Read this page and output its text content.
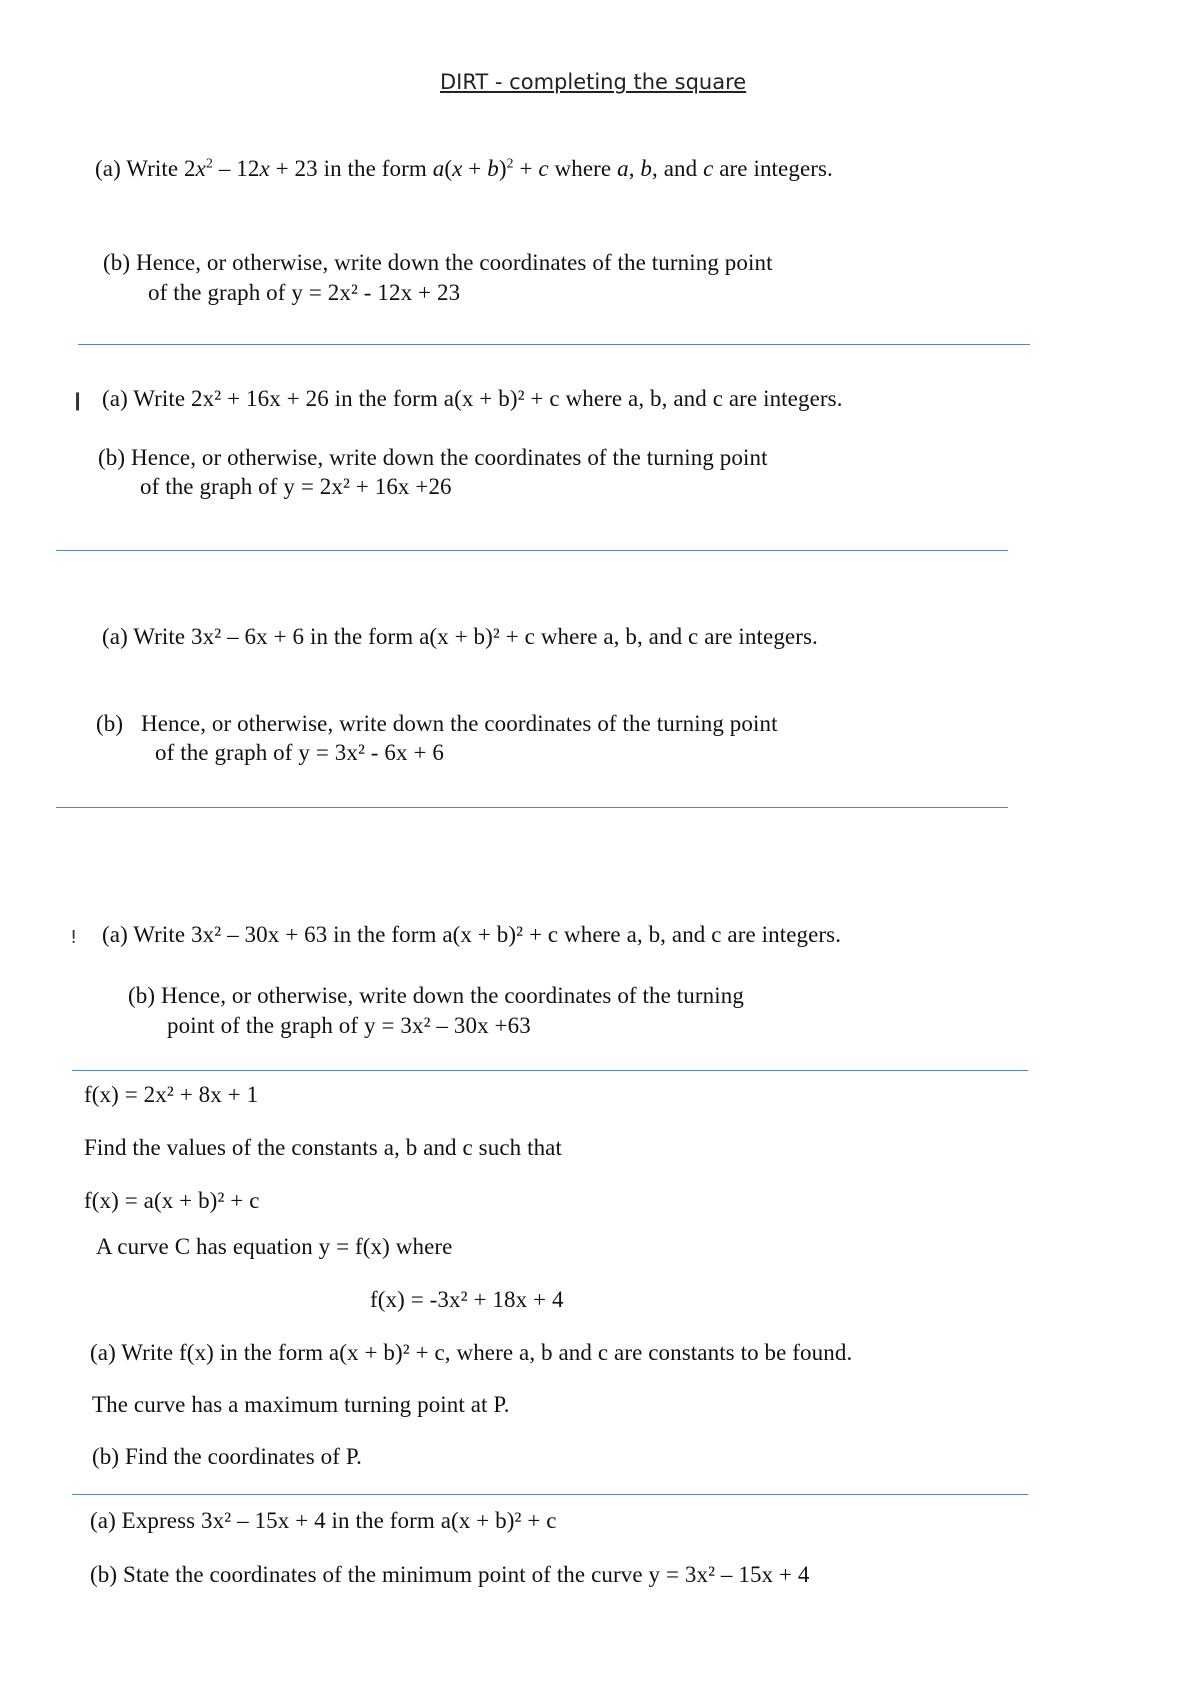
DIRT - completing the square
(a) Write $2x^2 - 12x + 23$ in the form $a(x + b)^2 + c$ where a, b, and c are integers.
(b) Hence, or otherwise, write down the coordinates of the turning point
of the graph of y = 2x² - 12x + 23
❙ (a) Write 2x² + 16x + 26 in the form a(x + b)² + c where a, b, and c are integers.
(b) Hence, or otherwise, write down the coordinates of the turning point
of the graph of y = 2x² + 16x +26
(a) Write 3x² – 6x + 6 in the form a(x + b)² + c where a, b, and c are integers.
(b) Hence, or otherwise, write down the coordinates of the turning point
of the graph of y = 3x² - 6x + 6
! (a) Write 3x² – 30x + 63 in the form a(x + b)² + c where a, b, and c are integers.
(b) Hence, or otherwise, write down the coordinates of the turning
point of the graph of y = 3x² – 30x +63
f(x) = 2x² + 8x + 1
Find the values of the constants a, b and c such that
f(x) = a(x + b)² + c
A curve C has equation y = f(x) where
f(x) = -3x² + 18x + 4
(a) Write f(x) in the form a(x + b)² + c, where a, b and c are constants to be found.
The curve has a maximum turning point at P.
(b) Find the coordinates of P.
(a) Express 3x² – 15x + 4 in the form a(x + b)² + c
(b) State the coordinates of the minimum point of the curve y = 3x² – 15x + 4
